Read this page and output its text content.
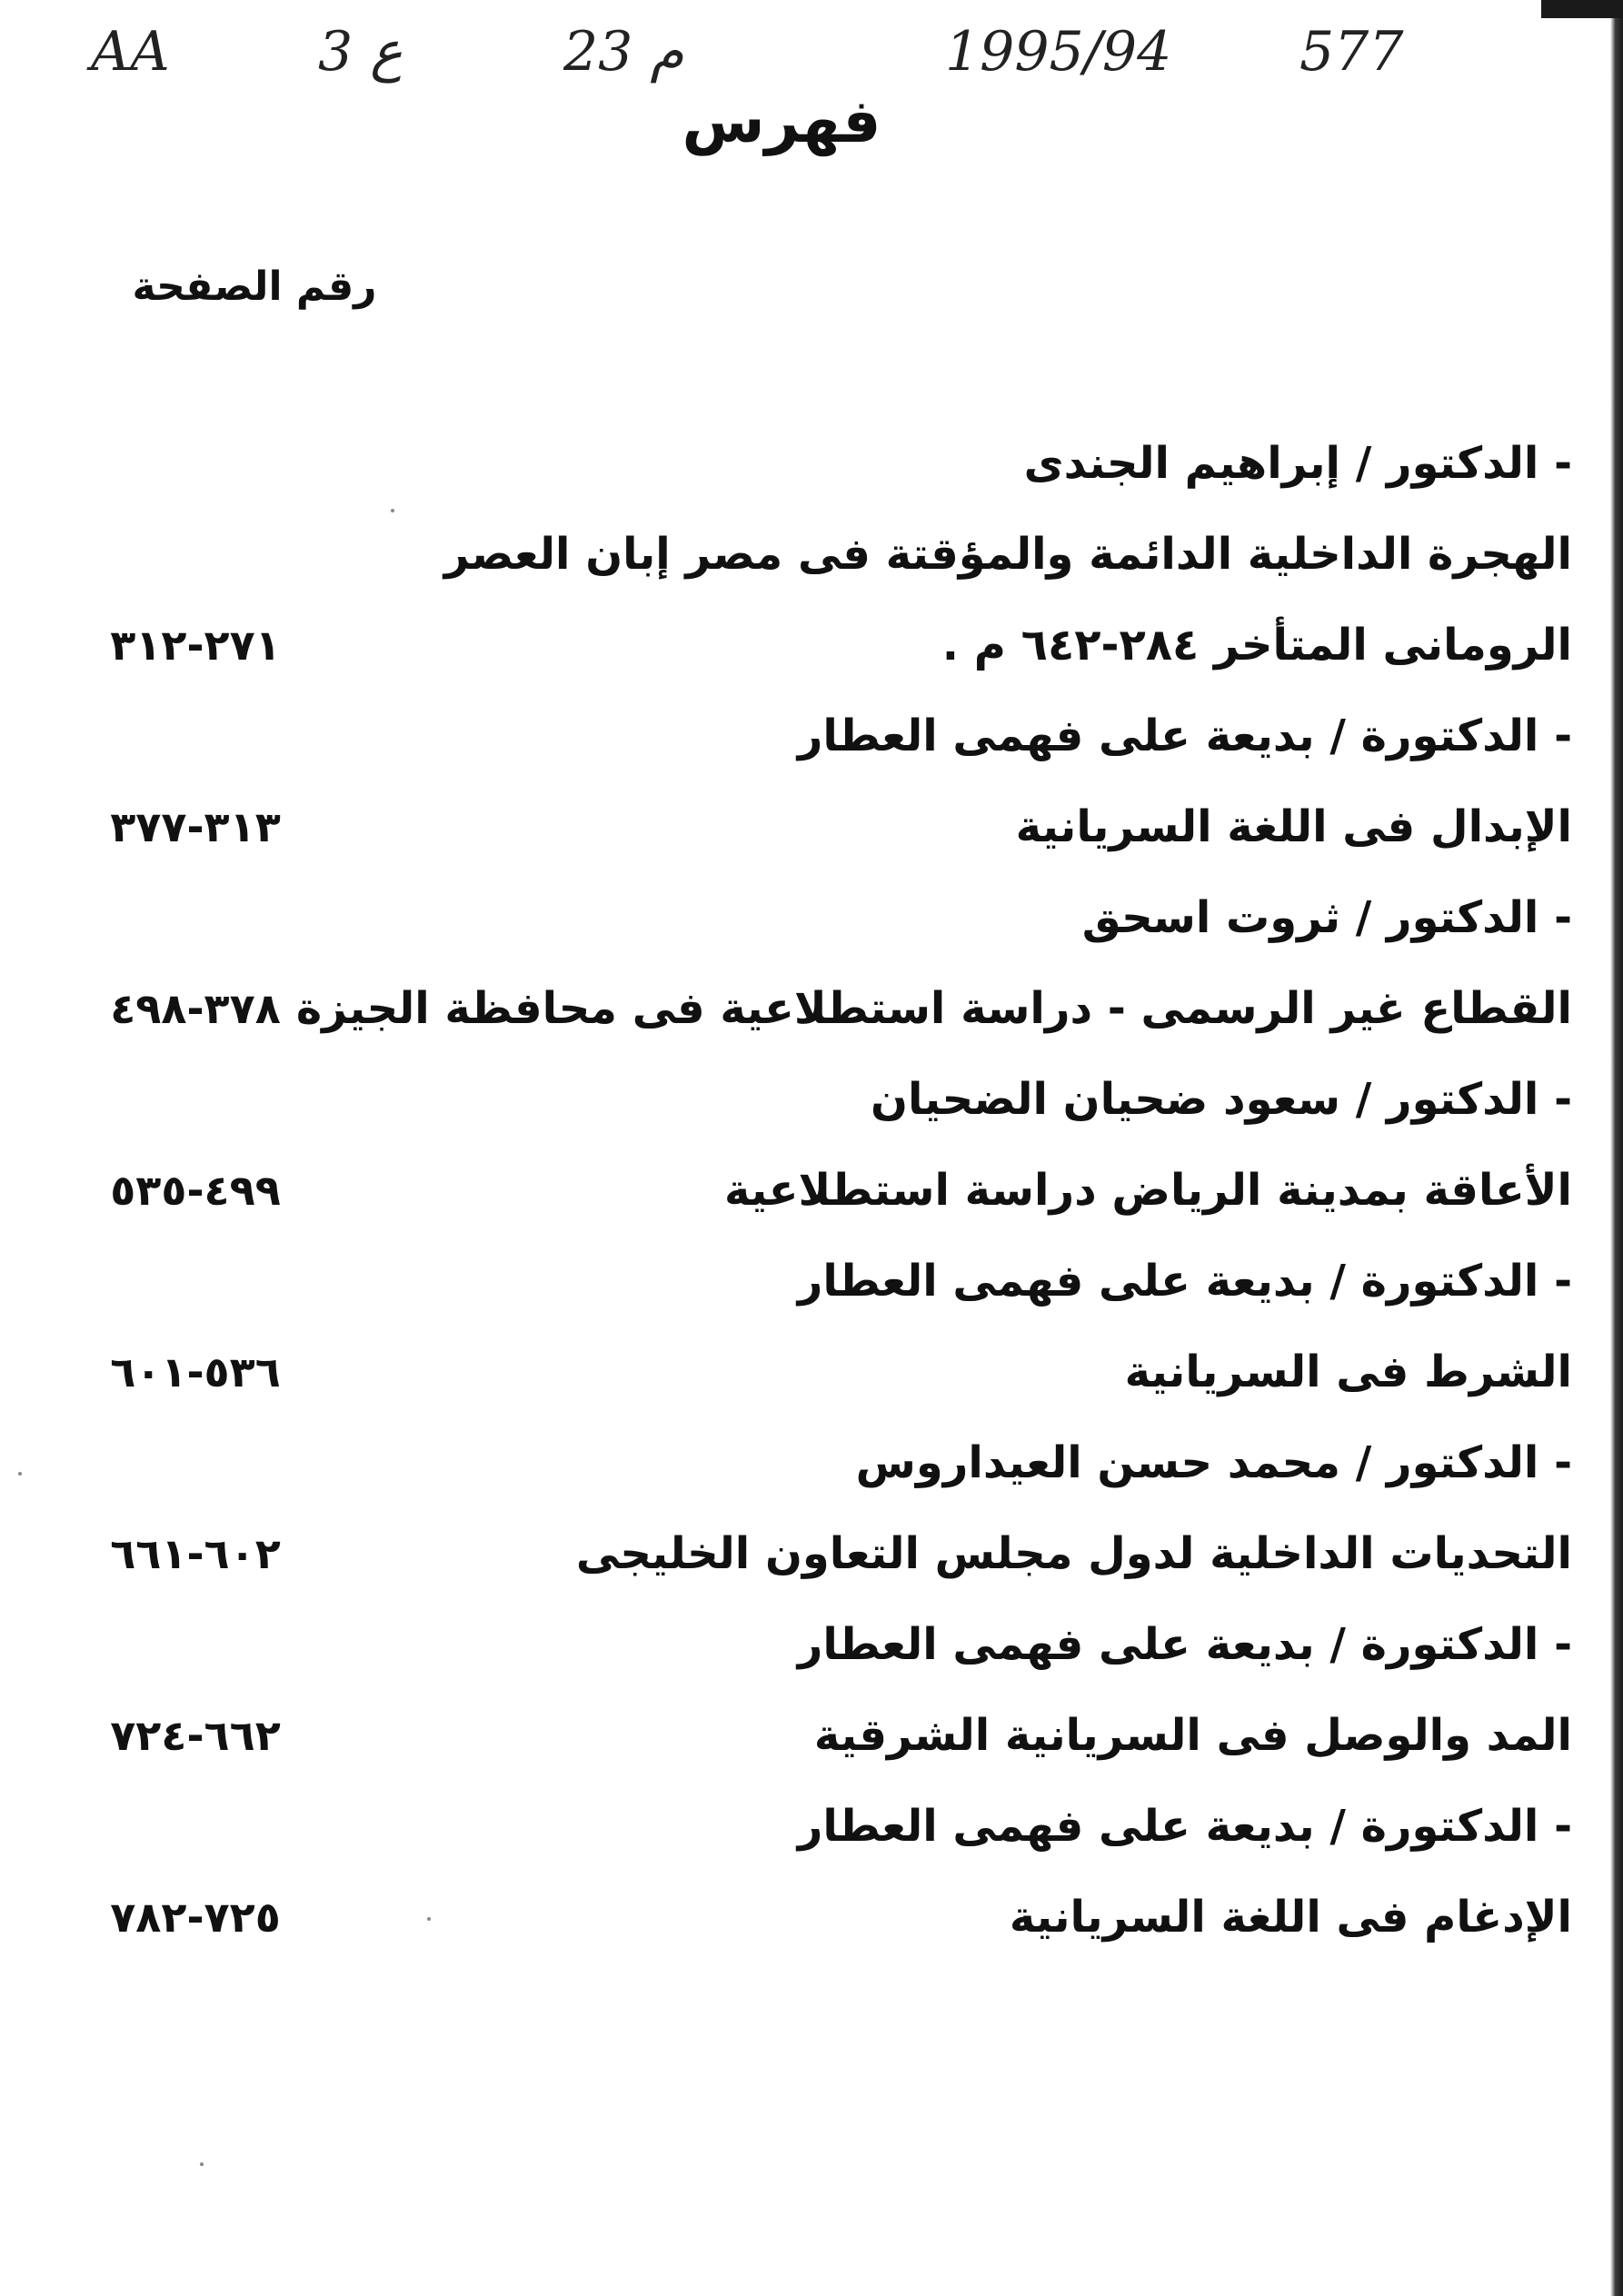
AA	3 ع	23 م	1995/94 577
فهرس
رقم الصفحة
- الدكتور / إبراهيم الجندى
الهجرة الداخلية الدائمة والمؤقتة فى مصر إبان العصر
الرومانى المتأخر ٢٨٤-٦٤٢ م .
٢٧١-٣١٢
- الدكتورة / بديعة على فهمى العطار
الإبدال فى اللغة السريانية
٣١٣-٣٧٧
- الدكتور / ثروت اسحق
القطاع غير الرسمى - دراسة استطلاعية فى محافظة الجيزة
٣٧٨-٤٩٨
- الدكتور / سعود ضحيان الضحيان
الأعاقة بمدينة الرياض دراسة استطلاعية
٤٩٩-٥٣٥
- الدكتورة / بديعة على فهمى العطار
الشرط فى السريانية
٥٣٦-٦٠١
- الدكتور / محمد حسن العيداروس
التحديات الداخلية لدول مجلس التعاون الخليجى
٦٠٢-٦٦١
- الدكتورة / بديعة على فهمى العطار
المد والوصل فى السريانية الشرقية
٦٦٢-٧٢٤
- الدكتورة / بديعة على فهمى العطار
الإدغام فى اللغة السريانية
٧٢٥-٧٨٢
